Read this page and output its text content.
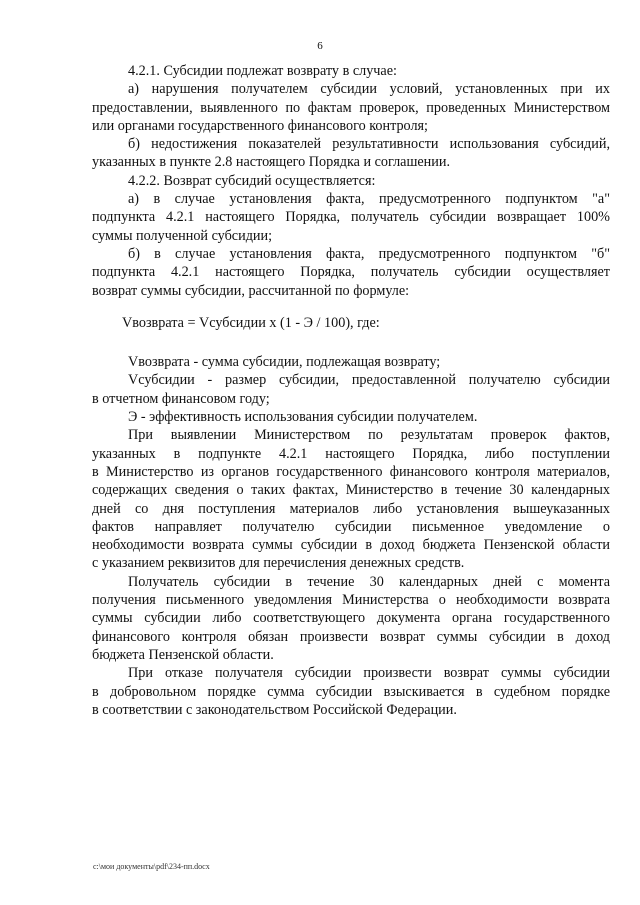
6

4.2.1. Субсидии подлежат возврату в случае:

а) нарушения получателем субсидии условий, установленных при их
предоставлении, выявленного по фактам проверок, проведенных Министерством
или органами государственного финансового контроля;

б) недостижения показателей результативности использования субсидий,
указанных в пункте 2.8 настоящего Порядка и соглашении.

4.2.2. Возврат субсидий осуществляется:

а) в случае установления факта, предусмотренного подпунктом "а"
подпункта 4.2.1 настоящего Порядка, получатель субсидии возвращает 100%
суммы полученной субсидии;

б) в случае установления факта, предусмотренного подпунктом "б"
подпункта 4.2.1 настоящего Порядка, получатель субсидии осуществляет
возврат суммы субсидии, рассчитанной по формуле:

Vвозврата = Vсубсидии x (1 - Э / 100), где:

Vвозврата - сумма субсидии, подлежащая возврату;

Vсубсидии - размер субсидии, предоставленной получателю субсидии
в отчетном финансовом году;

Э - эффективность использования субсидии получателем.

При выявлении Министерством по результатам проверок фактов,
указанных в подпункте 4.2.1 настоящего Порядка, либо поступлении
в Министерство из органов государственного финансового контроля материалов,
содержащих сведения о таких фактах, Министерство в течение 30 календарных
дней со дня поступления материалов либо установления вышеуказанных
фактов направляет получателю субсидии письменное уведомление о
необходимости возврата суммы субсидии в доход бюджета Пензенской области
с указанием реквизитов для перечисления денежных средств.

Получатель субсидии в течение 30 календарных дней с момента
получения письменного уведомления Министерства о необходимости возврата
суммы субсидии либо соответствующего документа органа государственного
финансового контроля обязан произвести возврат суммы субсидии в доход
бюджета Пензенской области.

При отказе получателя субсидии произвести возврат суммы субсидии
в добровольном порядке сумма субсидии взыскивается в судебном порядке
в соответствии с законодательством Российской Федерации.

c:\мои документы\pdf\234-пп.docx
